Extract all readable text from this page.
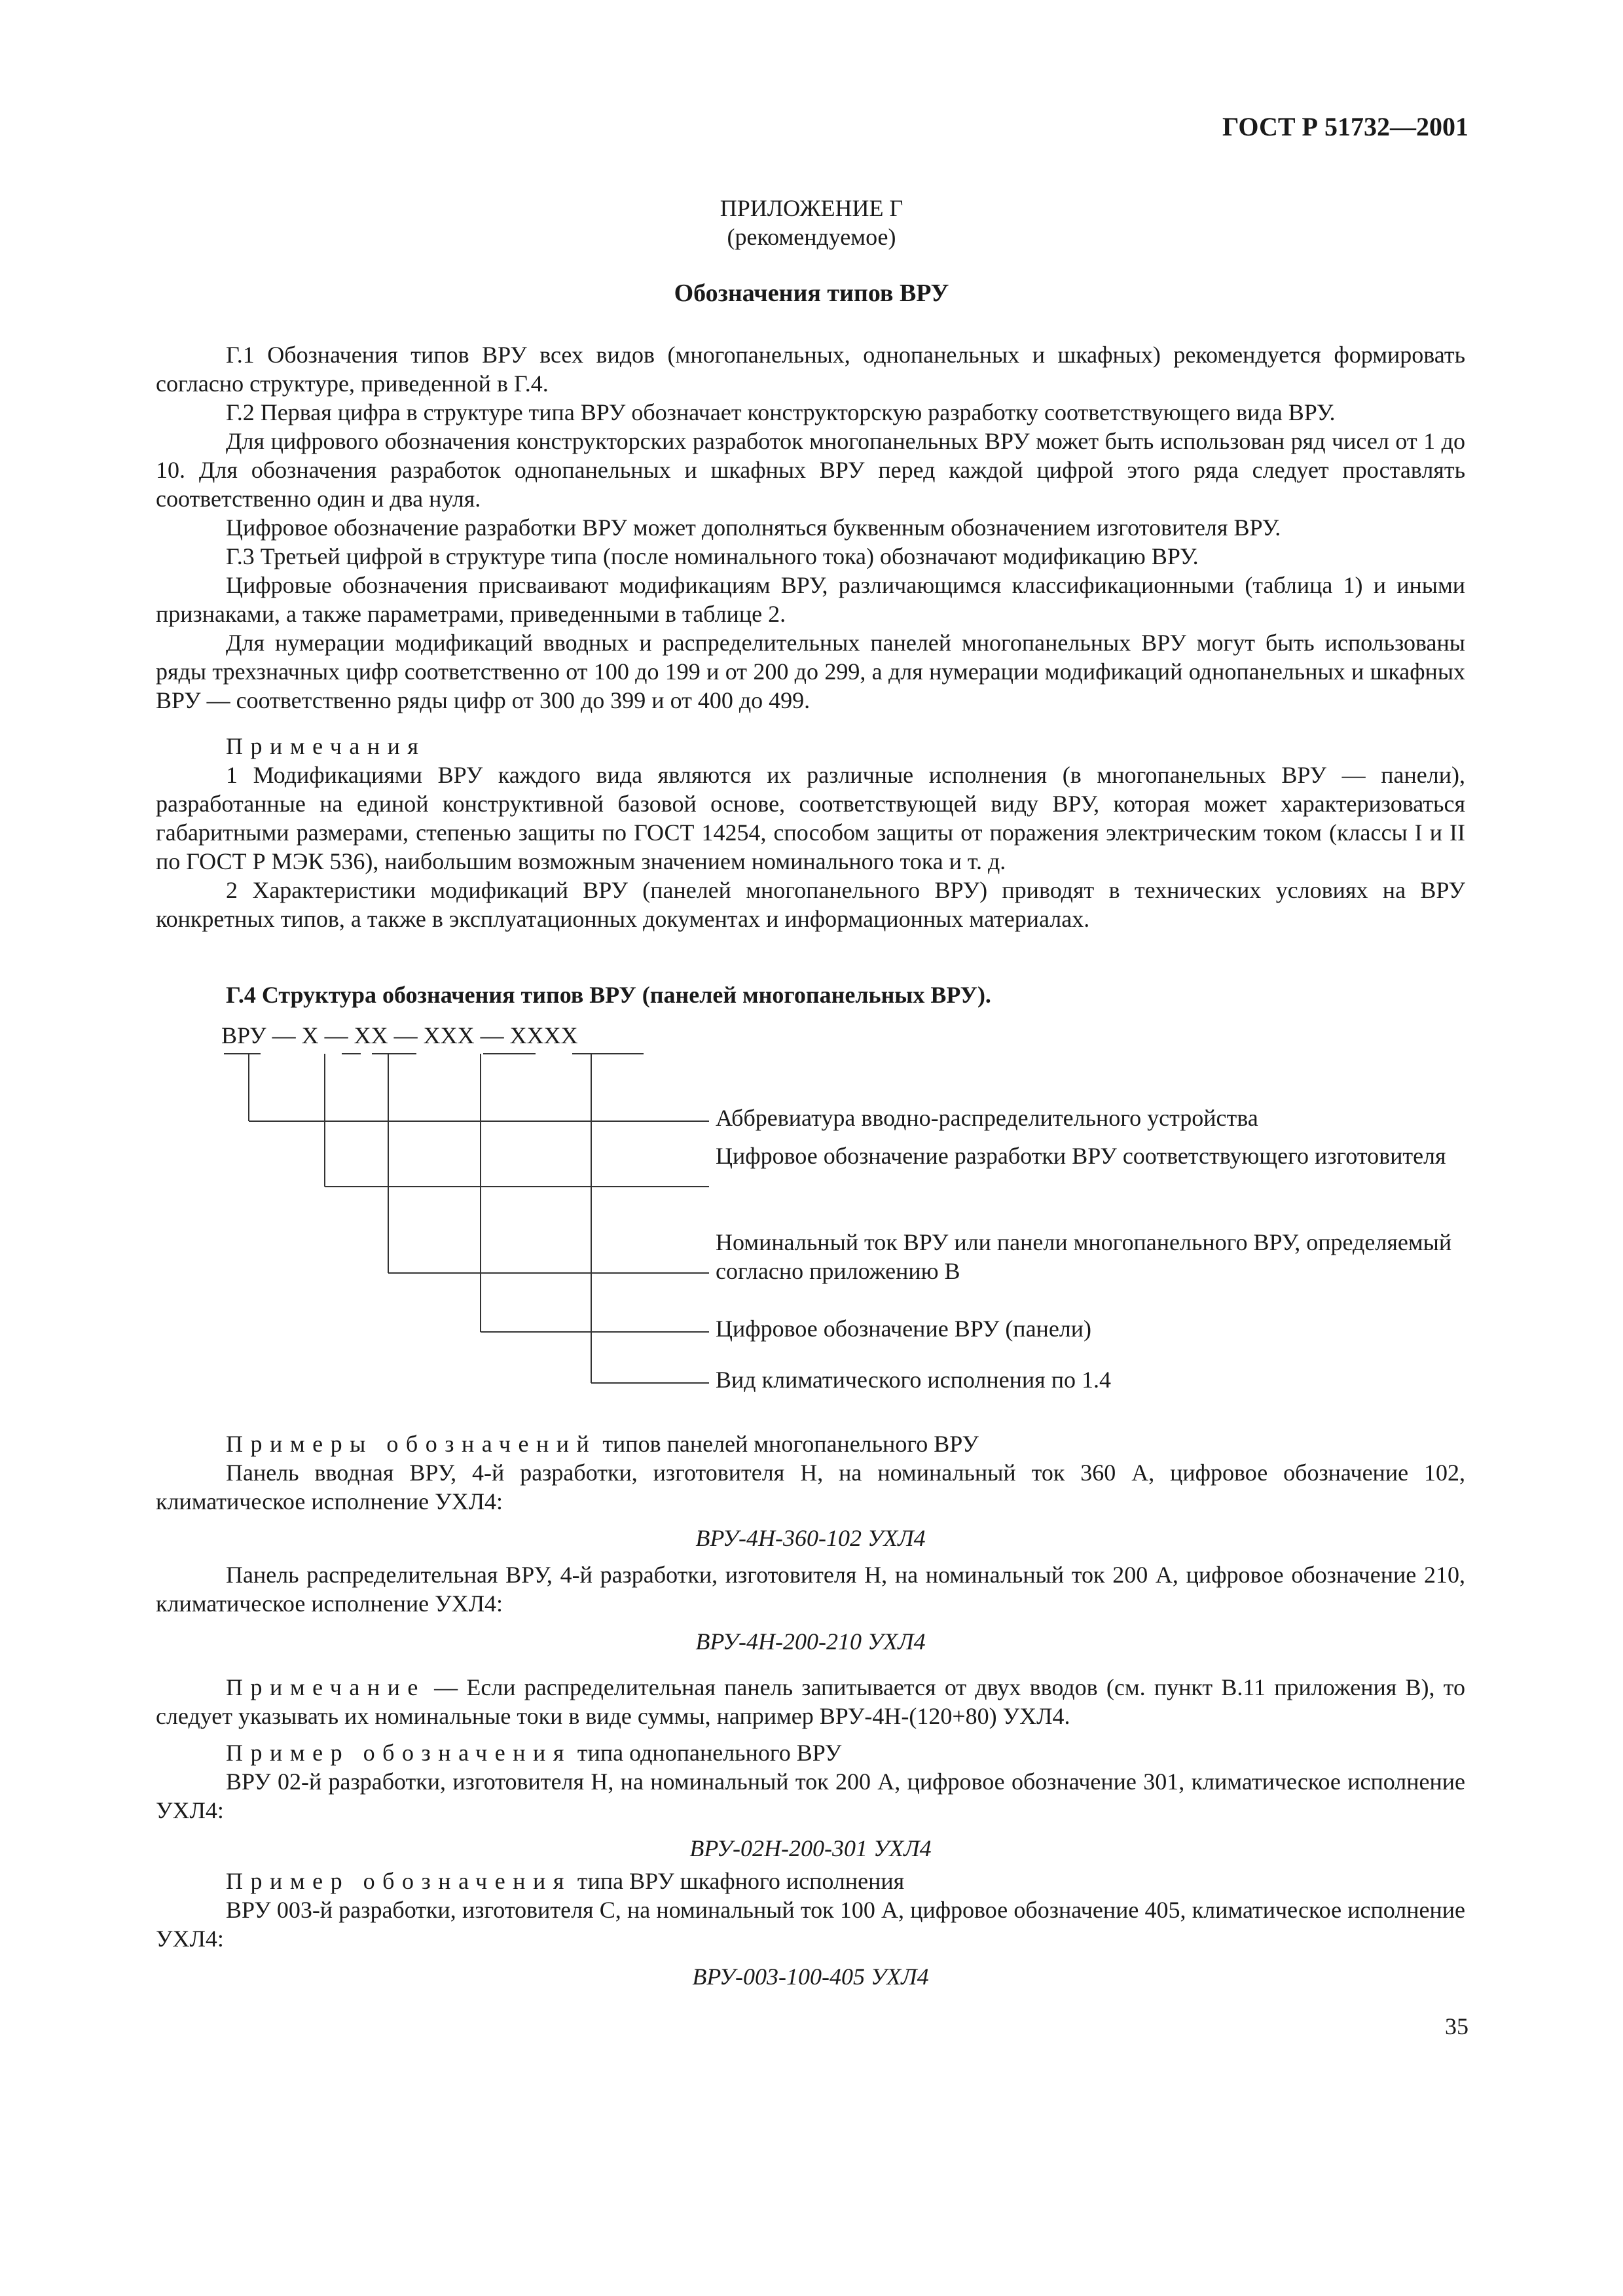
ГОСТ Р 51732—2001
ПРИЛОЖЕНИЕ Г
(рекомендуемое)
Обозначения типов ВРУ

Г.1 Обозначения типов ВРУ всех видов (многопанельных, однопанельных и шкафных) рекомендуется формировать согласно структуре, приведенной в Г.4.

Г.2 Первая цифра в структуре типа ВРУ обозначает конструкторскую разработку соответствующего вида ВРУ.

Для цифрового обозначения конструкторских разработок многопанельных ВРУ может быть использован ряд чисел от 1 до 10. Для обозначения разработок однопанельных и шкафных ВРУ перед каждой цифрой этого ряда следует проставлять соответственно один и два нуля.

Цифровое обозначение разработки ВРУ может дополняться буквенным обозначением изготовителя ВРУ.

Г.3 Третьей цифрой в структуре типа (после номинального тока) обозначают модификацию ВРУ.

Цифровые обозначения присваивают модификациям ВРУ, различающимся классификационными (таблица 1) и иными признаками, а также параметрами, приведенными в таблице 2.

Для нумерации модификаций вводных и распределительных панелей многопанельных ВРУ могут быть использованы ряды трехзначных цифр соответственно от 100 до 199 и от 200 до 299, а для нумерации модификаций однопанельных и шкафных ВРУ — соответственно ряды цифр от 300 до 399 и от 400 до 499.

Примечания

1 Модификациями ВРУ каждого вида являются их различные исполнения (в многопанельных ВРУ — панели), разработанные на единой конструктивной базовой основе, соответствующей виду ВРУ, которая может характеризоваться габаритными размерами, степенью защиты по ГОСТ 14254, способом защиты от поражения электрическим током (классы I и II по ГОСТ Р МЭК 536), наибольшим возможным значением номинального тока и т. д.

2 Характеристики модификаций ВРУ (панелей многопанельного ВРУ) приводят в технических условиях на ВРУ конкретных типов, а также в эксплуатационных документах и информационных материалах.

Г.4 Структура обозначения типов ВРУ (панелей многопанельных ВРУ).

ВРУ — Х — ХХ — ХХХ — ХХХХ
Аббревиатура вводно-распределительного устройства
Цифровое обозначение разработки ВРУ соответствующего изготовителя
Номинальный ток ВРУ или панели многопанельного ВРУ, определяемый согласно приложению В
Цифровое обозначение ВРУ (панели)
Вид климатического исполнения по 1.4

Примеры обозначений типов панелей многопанельного ВРУ

Панель вводная ВРУ, 4-й разработки, изготовителя Н, на номинальный ток 360 А, цифровое обозначение 102, климатическое исполнение УХЛ4:

ВРУ-4Н-360-102 УХЛ4

Панель распределительная ВРУ, 4-й разработки, изготовителя Н, на номинальный ток 200 А, цифровое обозначение 210, климатическое исполнение УХЛ4:

ВРУ-4Н-200-210 УХЛ4

Примечание — Если распределительная панель запитывается от двух вводов (см. пункт В.11 приложения В), то следует указывать их номинальные токи в виде суммы, например ВРУ-4Н-(120+80) УХЛ4.

Пример обозначения типа однопанельного ВРУ

ВРУ 02-й разработки, изготовителя Н, на номинальный ток 200 А, цифровое обозначение 301, климатическое исполнение УХЛ4:

ВРУ-02Н-200-301 УХЛ4

Пример обозначения типа ВРУ шкафного исполнения

ВРУ 003-й разработки, изготовителя С, на номинальный ток 100 А, цифровое обозначение 405, климатическое исполнение УХЛ4:

ВРУ-003-100-405 УХЛ4

35
